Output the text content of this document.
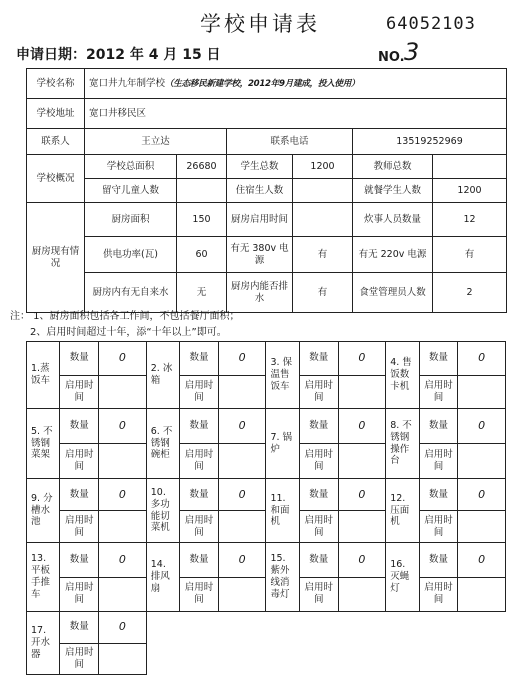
学校申请表	64052103
申请日期：2012 年 4 月 15 日	NO. 3
学校名称	宽口井九年制学校（生态移民新建学校，2012年9月建成，投入使用）					
学校地址	宽口井移民区					
联系人	王立达		联系电话		13519252969	
学校概况	学校总面积	26680	学生总数	1200	教师总数	
	留守儿童人数		住宿生人数		就餐学生人数	1200
厨房现有情况	厨房面积	150	厨房启用时间		炊事人员数量	12
	供电功率(瓦)	60	有无 380v 电源	有	有无 220v 电源	有
	厨房内有无自来水	无	厨房内能否排水	有	食堂管理员人数	2
注： 1、厨房面积包括各工作间，不包括餐厅面积；
2、启用时间超过十年，添“十年以上”即可。
1.蒸饭车	数量	0	2. 冰箱	数量	0	3. 保温售饭车	数量	0	4. 售饭数卡机	数量	0
	启用时间			启用时间			启用时间			启用时间	
5. 不锈钢菜架	数量	0	6. 不锈钢碗柜	数量	0	7. 锅炉	数量	0	8. 不锈钢操作台	数量	0
	启用时间			启用时间			启用时间			启用时间	
9. 分槽水池	数量	0	10. 多功能切菜机	数量	0	11. 和面机	数量	0	12. 压面机	数量	0
	启用时间			启用时间			启用时间			启用时间	
13. 平板手推车	数量	0	14. 排风扇	数量	0	15. 紫外线消毒灯	数量	0	16. 灭蝇灯	数量	0
	启用时间			启用时间			启用时间			启用时间	
17. 开水器	数量	0									
	启用时间										
